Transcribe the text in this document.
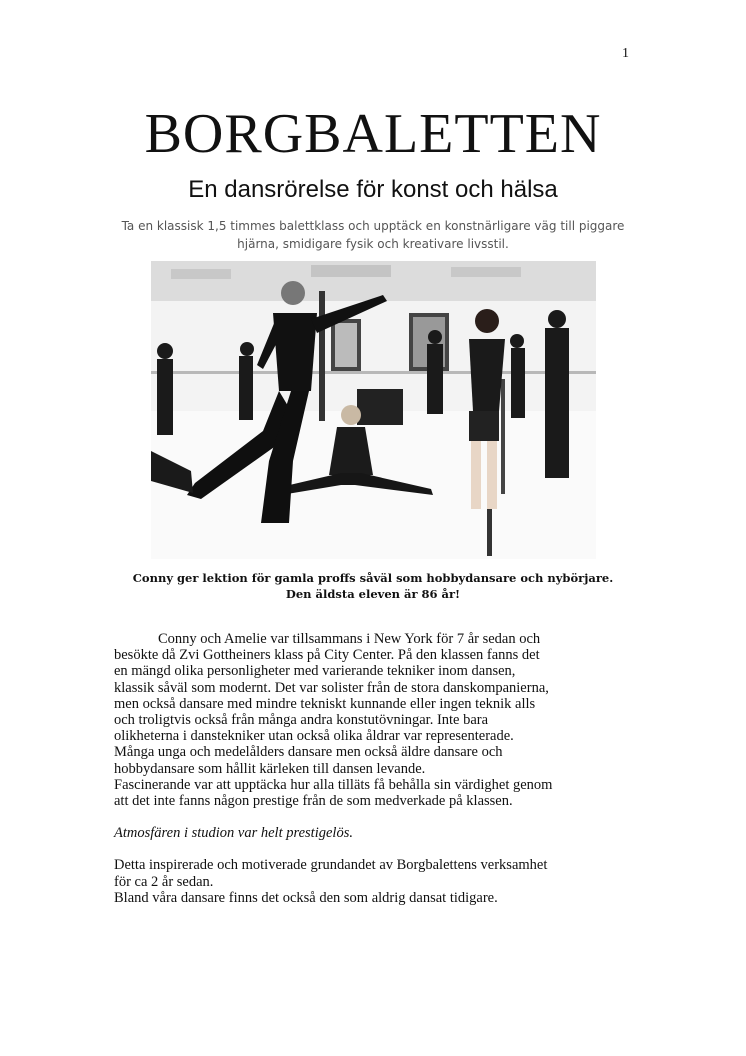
1
BORGBALETTEN
En dansrörelse för konst och hälsa
Ta en klassisk 1,5 timmes balettklass och upptäck en konstnärligare väg till piggare hjärna, smidigare fysik och kreativare livsstil.
Conny ger lektion för gamla proffs såväl som hobbydansare och nybörjare.
Den äldsta eleven är 86 år!
Conny och Amelie var tillsammans i New York för 7 år sedan och
besökte då Zvi Gottheiners klass på City Center. På den klassen fanns det
en mängd olika personligheter med varierande tekniker inom dansen,
klassik såväl som modernt. Det var solister från de stora danskompanierna,
men också dansare med mindre tekniskt kunnande eller ingen teknik alls
och troligtvis också från många andra konstutövningar. Inte bara
olikheterna i danstekniker utan också olika åldrar var representerade.
Många unga och medelålders dansare men också äldre dansare och
hobbydansare som hållit kärleken till dansen levande.
Fascinerande var att upptäcka hur alla tilläts få behålla sin värdighet genom
att det inte fanns någon prestige från de som medverkade på klassen.
Atmosfären i studion var helt prestigelös.
Detta inspirerade och motiverade grundandet av Borgbalettens verksamhet
för ca 2 år sedan.
Bland våra dansare finns det också den som aldrig dansat tidigare.
